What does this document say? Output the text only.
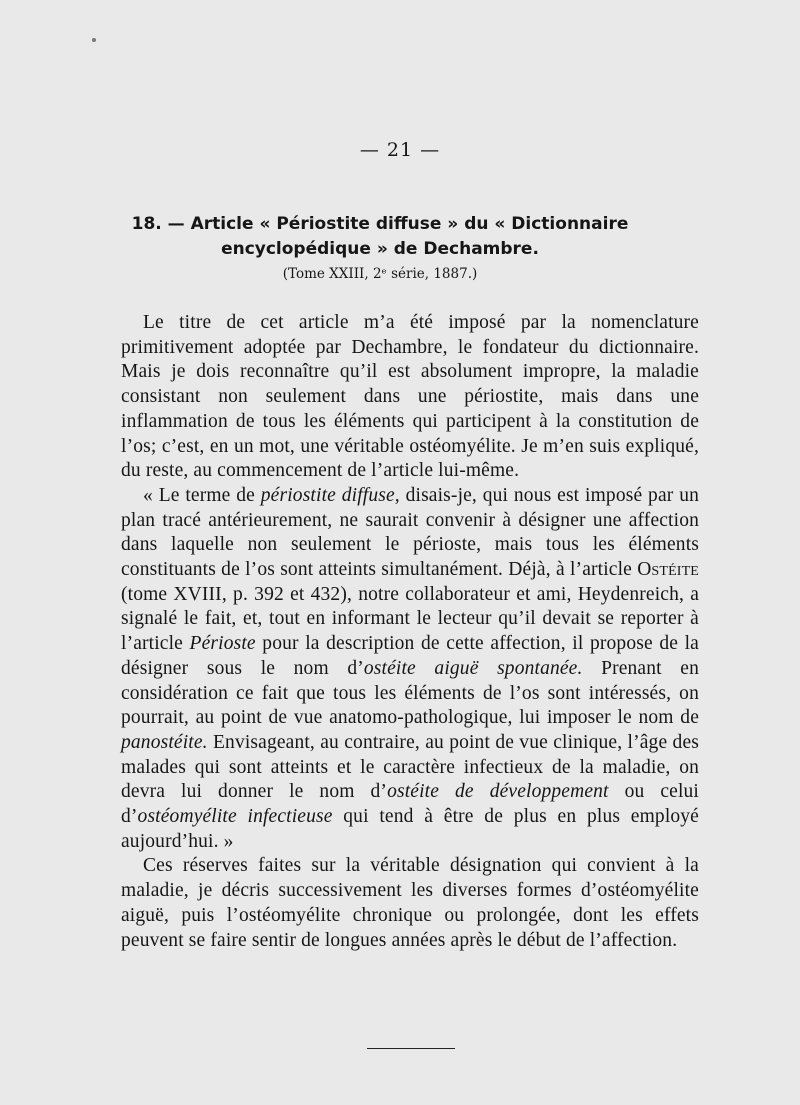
— 21 —
18. — Article « Périostite diffuse » du « Dictionnaire
encyclopédique » de Dechambre.
(Tome XXIII, 2ᵉ série, 1887.)

Le titre de cet article m’a été imposé par la nomenclature primitivement adoptée par Dechambre, le fondateur du dictionnaire. Mais je dois reconnaître qu’il est absolument impropre, la maladie consistant non seulement dans une périostite, mais dans une inflammation de tous les éléments qui participent à la constitution de l’os; c’est, en un mot, une véritable ostéomyélite. Je m’en suis expliqué, du reste, au commencement de l’article lui-même.

« Le terme de périostite diffuse, disais-je, qui nous est imposé par un plan tracé antérieurement, ne saurait convenir à désigner une affection dans laquelle non seulement le périoste, mais tous les éléments constituants de l’os sont atteints simultanément. Déjà, à l’article Ostéite (tome XVIII, p. 392 et 432), notre collaborateur et ami, Heydenreich, a signalé le fait, et, tout en informant le lecteur qu’il devait se reporter à l’article Périoste pour la description de cette affection, il propose de la désigner sous le nom d’ostéite aiguë spontanée. Prenant en considération ce fait que tous les éléments de l’os sont intéressés, on pourrait, au point de vue anatomo-pathologique, lui imposer le nom de panostéite. Envisageant, au contraire, au point de vue clinique, l’âge des malades qui sont atteints et le caractère infectieux de la maladie, on devra lui donner le nom d’ostéite de développement ou celui d’ostéomyélite infectieuse qui tend à être de plus en plus employé aujourd’hui. »

Ces réserves faites sur la véritable désignation qui convient à la maladie, je décris successivement les diverses formes d’ostéomyélite aiguë, puis l’ostéomyélite chronique ou prolongée, dont les effets peuvent se faire sentir de longues années après le début de l’affection.
